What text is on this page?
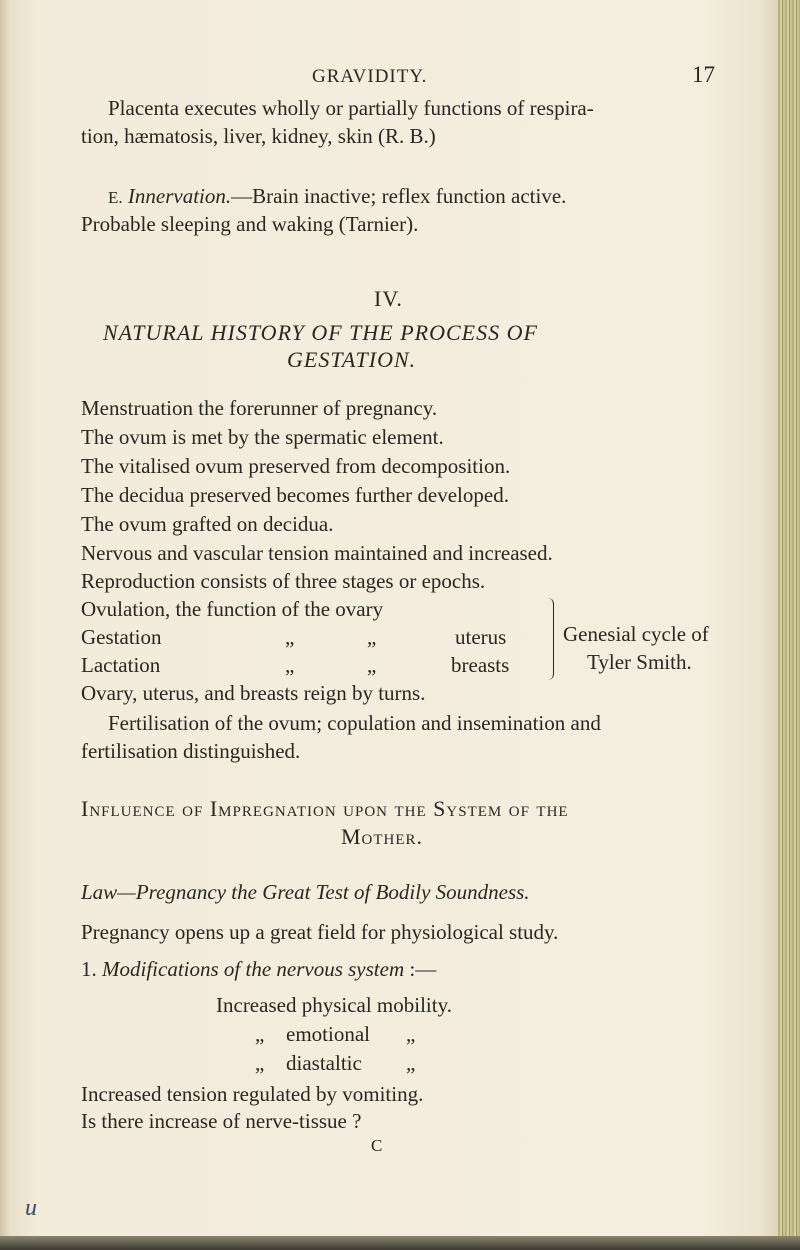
GRAVIDITY.	17
Placenta executes wholly or partially functions of respira-
tion, hæmatosis, liver, kidney, skin (R. B.)
E. Innervation.—Brain inactive; reflex function active.
Probable sleeping and waking (Tarnier).
IV.
NATURAL HISTORY OF THE PROCESS OF
GESTATION.
Menstruation the forerunner of pregnancy.
The ovum is met by the spermatic element.
The vitalised ovum preserved from decomposition.
The decidua preserved becomes further developed.
The ovum grafted on decidua.
Nervous and vascular tension maintained and increased.
Reproduction consists of three stages or epochs.
Ovulation, the function of the ovary
Gestation	„	„	uterus
Lactation	„	„	breasts
Genesial cycle of
Tyler Smith.
Ovary, uterus, and breasts reign by turns.
Fertilisation of the ovum; copulation and insemination and
fertilisation distinguished.
Influence of Impregnation upon the System of the
Mother.
Law—Pregnancy the Great Test of Bodily Soundness.
Pregnancy opens up a great field for physiological study.
1. Modifications of the nervous system :—
Increased physical mobility.
„ emotional „
„ diastaltic „
Increased tension regulated by vomiting.
Is there increase of nerve-tissue ?
C
u
